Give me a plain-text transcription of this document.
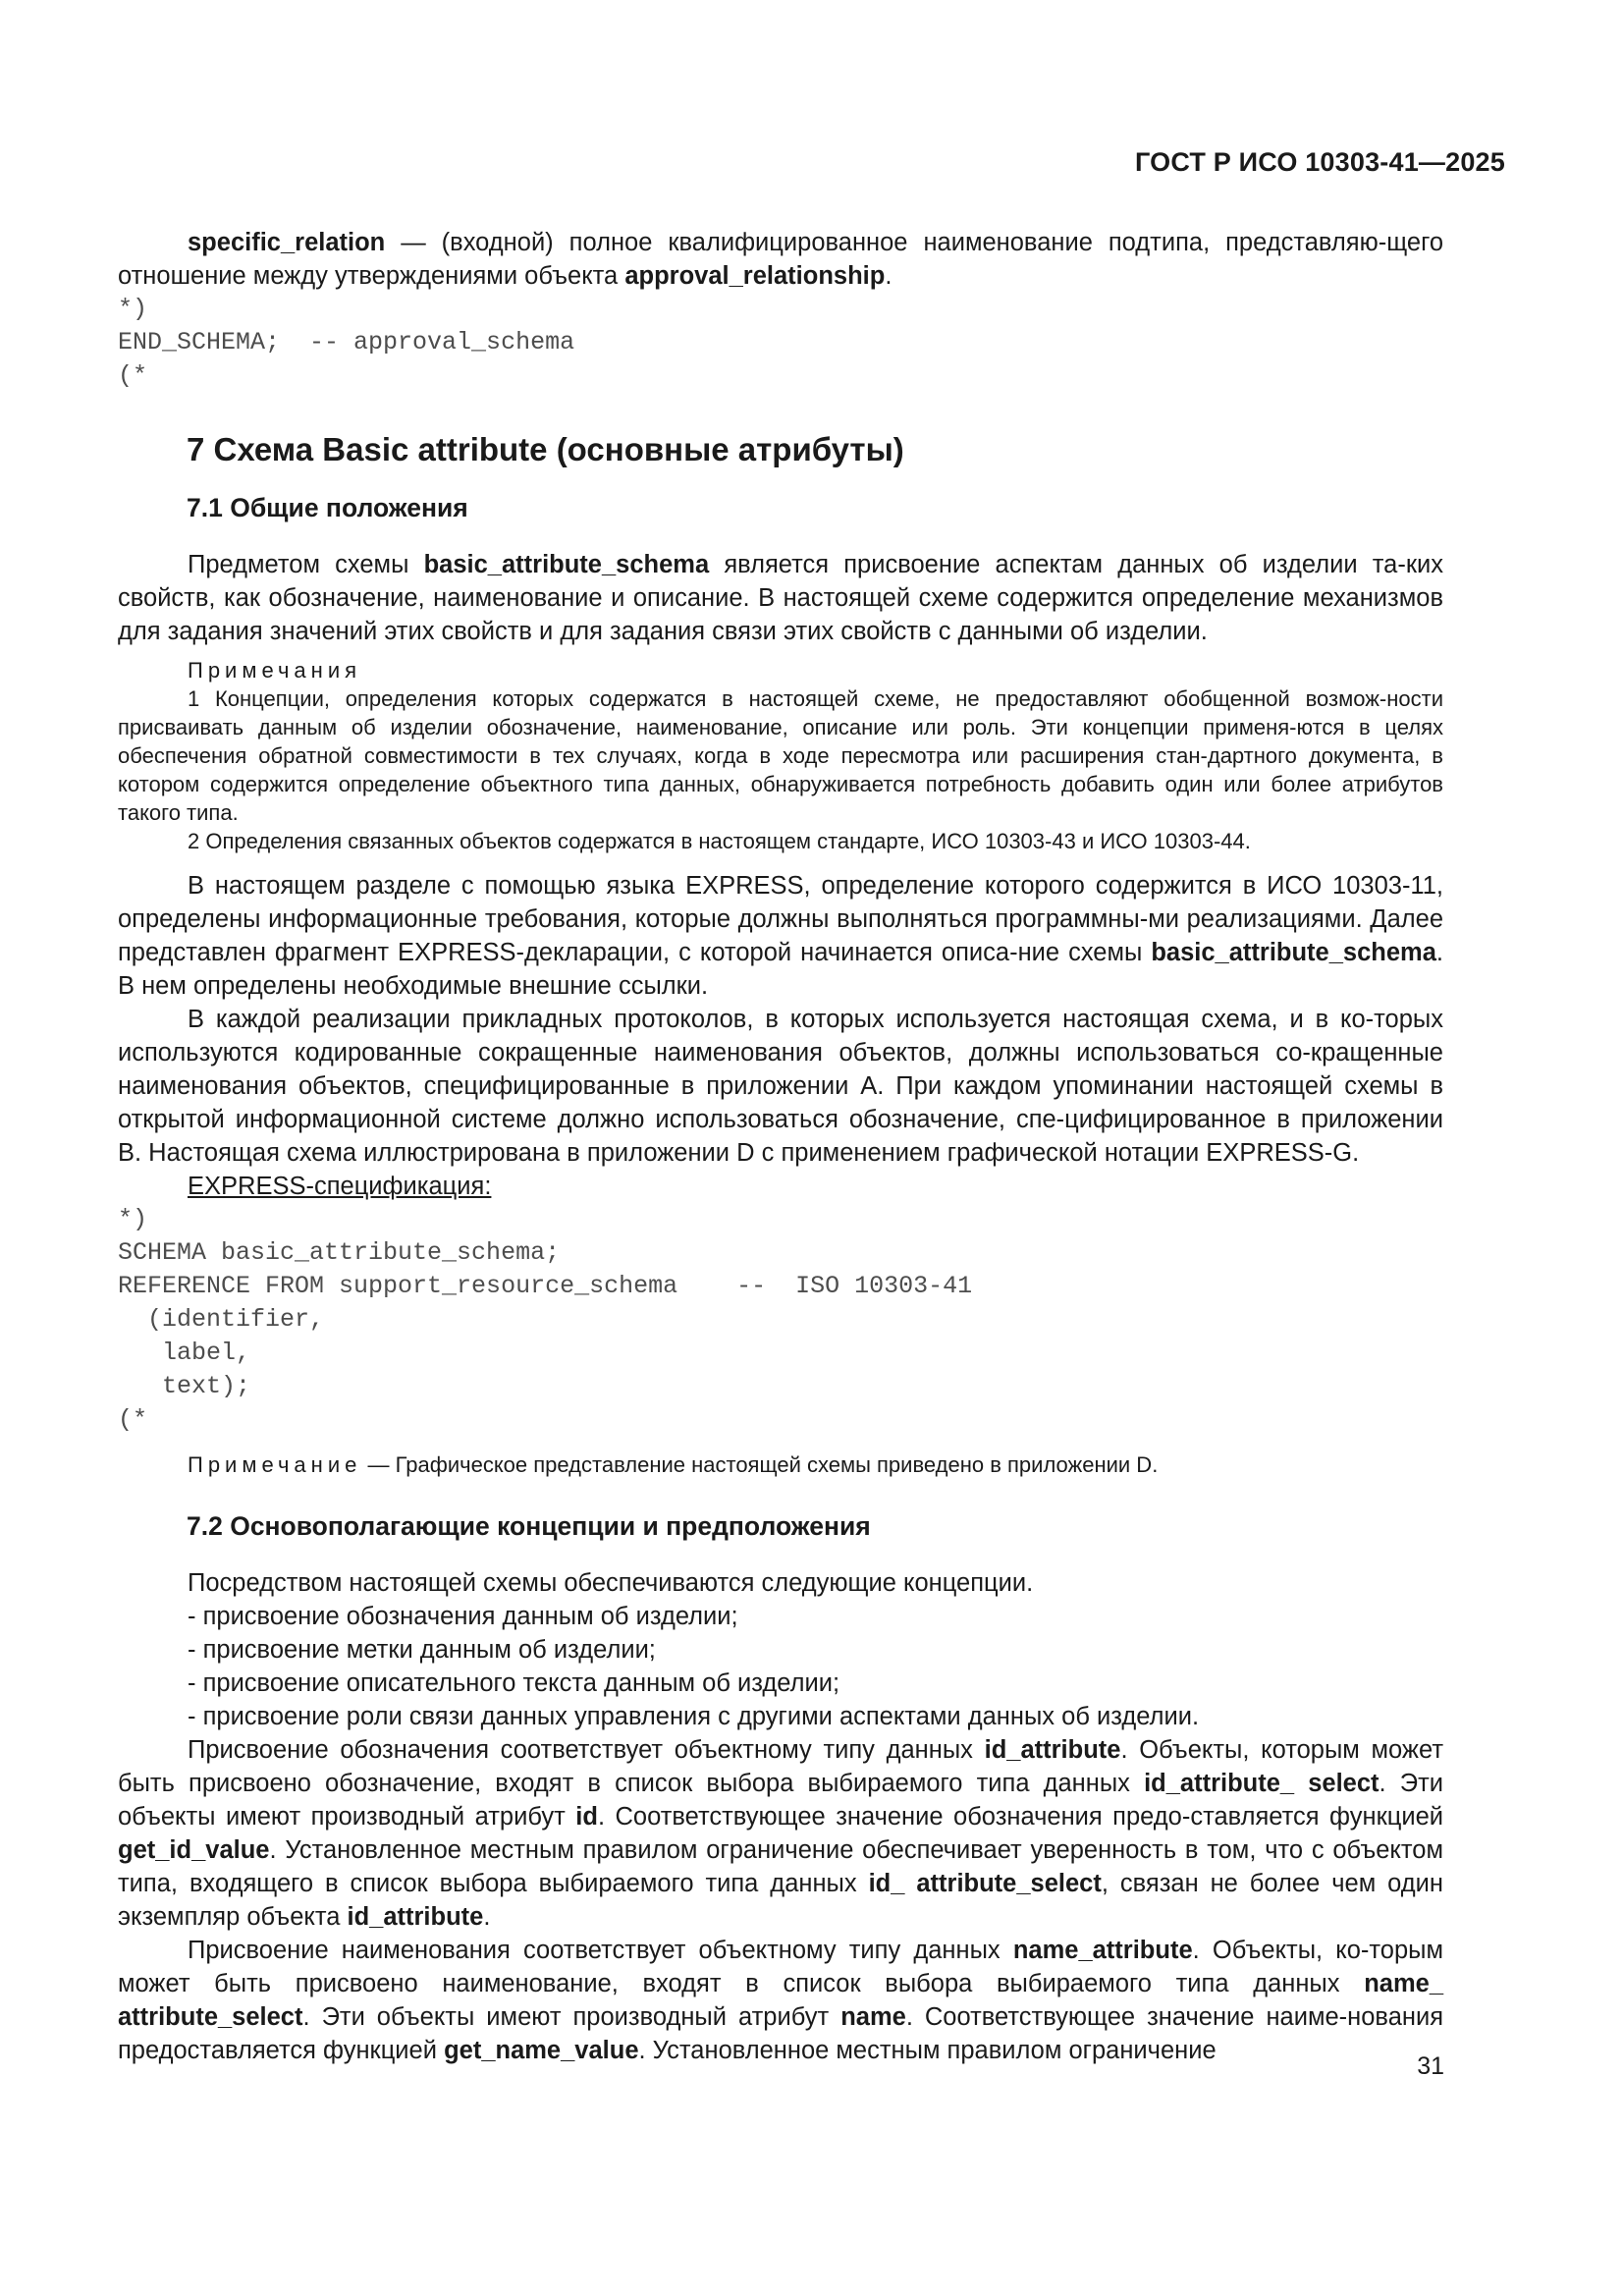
ГОСТ Р ИСО 10303-41—2025

specific_relation — (входной) полное квалифицированное наименование подтипа, представляю-щего отношение между утверждениями объекта approval_relationship.

*)
END_SCHEMA;  -- approval_schema
(*
7 Схема Basic attribute (основные атрибуты)
7.1 Общие положения

Предметом схемы basic_attribute_schema является присвоение аспектам данных об изделии та-ких свойств, как обозначение, наименование и описание. В настоящей схеме содержится определение механизмов для задания значений этих свойств и для задания связи этих свойств с данными об изделии.

Примечания

1 Концепции, определения которых содержатся в настоящей схеме, не предоставляют обобщенной возмож-ности присваивать данным об изделии обозначение, наименование, описание или роль. Эти концепции применя-ются в целях обеспечения обратной совместимости в тех случаях, когда в ходе пересмотра или расширения стан-дартного документа, в котором содержится определение объектного типа данных, обнаруживается потребность добавить один или более атрибутов такого типа.

2 Определения связанных объектов содержатся в настоящем стандарте, ИСО 10303-43 и ИСО 10303-44.

В настоящем разделе с помощью языка EXPRESS, определение которого содержится в ИСО 10303-11, определены информационные требования, которые должны выполняться программны-ми реализациями. Далее представлен фрагмент EXPRESS-декларации, с которой начинается описа-ние схемы basic_attribute_schema. В нем определены необходимые внешние ссылки.

В каждой реализации прикладных протоколов, в которых используется настоящая схема, и в ко-торых используются кодированные сокращенные наименования объектов, должны использоваться со-кращенные наименования объектов, специфицированные в приложении А. При каждом упоминании настоящей схемы в открытой информационной системе должно использоваться обозначение, спе-цифицированное в приложении В. Настоящая схема иллюстрирована в приложении D с применением графической нотации EXPRESS-G.

EXPRESS-спецификация:

*)
SCHEMA basic_attribute_schema;
REFERENCE FROM support_resource_schema    --  ISO 10303-41
(identifier,
label,
text);
(*
Примечание — Графическое представление настоящей схемы приведено в приложении D.
7.2 Основополагающие концепции и предположения

Посредством настоящей схемы обеспечиваются следующие концепции.

- присвоение обозначения данным об изделии;

- присвоение метки данным об изделии;

- присвоение описательного текста данным об изделии;

- присвоение роли связи данных управления с другими аспектами данных об изделии.

Присвоение обозначения соответствует объектному типу данных id_attribute. Объекты, которым может быть присвоено обозначение, входят в список выбора выбираемого типа данных id_attribute_ select. Эти объекты имеют производный атрибут id. Соответствующее значение обозначения предо-ставляется функцией get_id_value. Установленное местным правилом ограничение обеспечивает уверенность в том, что с объектом типа, входящего в список выбора выбираемого типа данных id_ attribute_select, связан не более чем один экземпляр объекта id_attribute.

Присвоение наименования соответствует объектному типу данных name_attribute. Объекты, ко-торым может быть присвоено наименование, входят в список выбора выбираемого типа данных name_ attribute_select. Эти объекты имеют производный атрибут name. Соответствующее значение наиме-нования предоставляется функцией get_name_value. Установленное местным правилом ограничение

31
